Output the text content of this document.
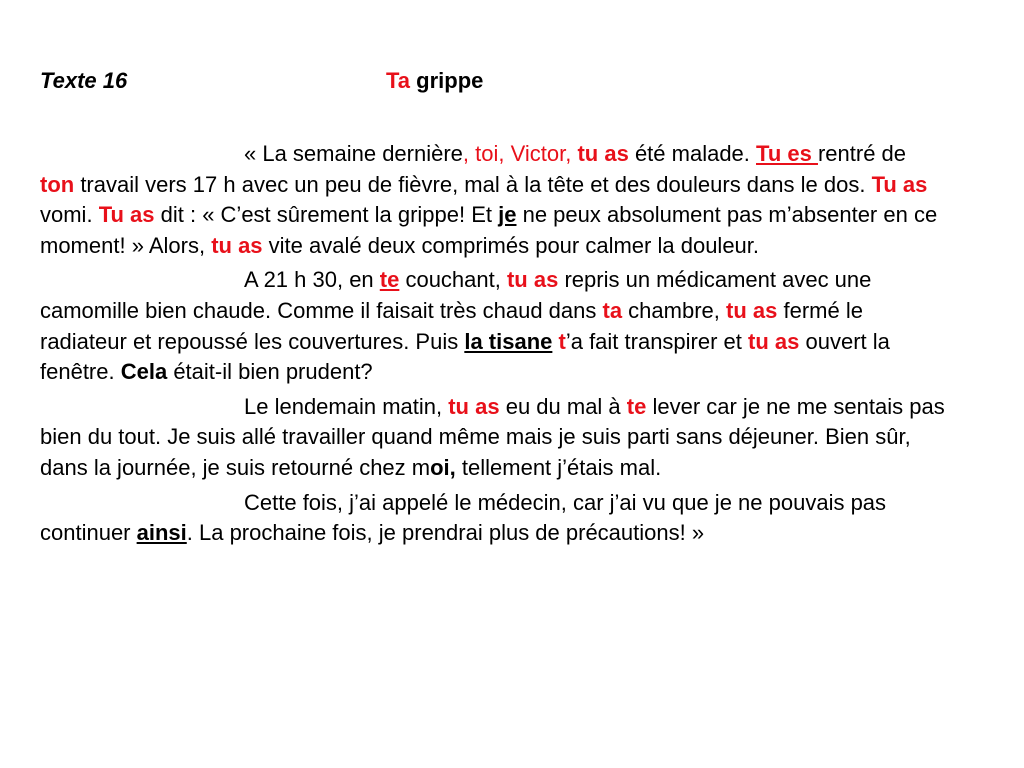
Texte 16	Ta grippe

« La semaine dernière, toi, Victor, tu as été malade. Tu es rentré de ton travail vers 17 h avec un peu de fièvre, mal à la tête et des douleurs dans le dos. Tu as vomi. Tu as dit : « C’est sûrement la grippe! Et je ne peux absolument pas m’absenter en ce moment! » Alors, tu as vite avalé deux comprimés pour calmer la douleur.

A 21 h 30, en te couchant, tu as repris un médicament avec une camomille bien chaude. Comme il faisait très chaud dans ta chambre, tu as fermé le radiateur et repoussé les couvertures. Puis la tisane t’a fait transpirer et tu as ouvert la fenêtre. Cela était-il bien prudent?

Le lendemain matin, tu as eu du mal à te lever car je ne me sentais pas bien du tout. Je suis allé travailler quand même mais je suis parti sans déjeuner. Bien sûr, dans la journée, je suis retourné chez moi, tellement j’étais mal.

Cette fois, j’ai appelé le médecin, car j’ai vu que je ne pouvais pas continuer ainsi. La prochaine fois, je prendrai plus de précautions! »
